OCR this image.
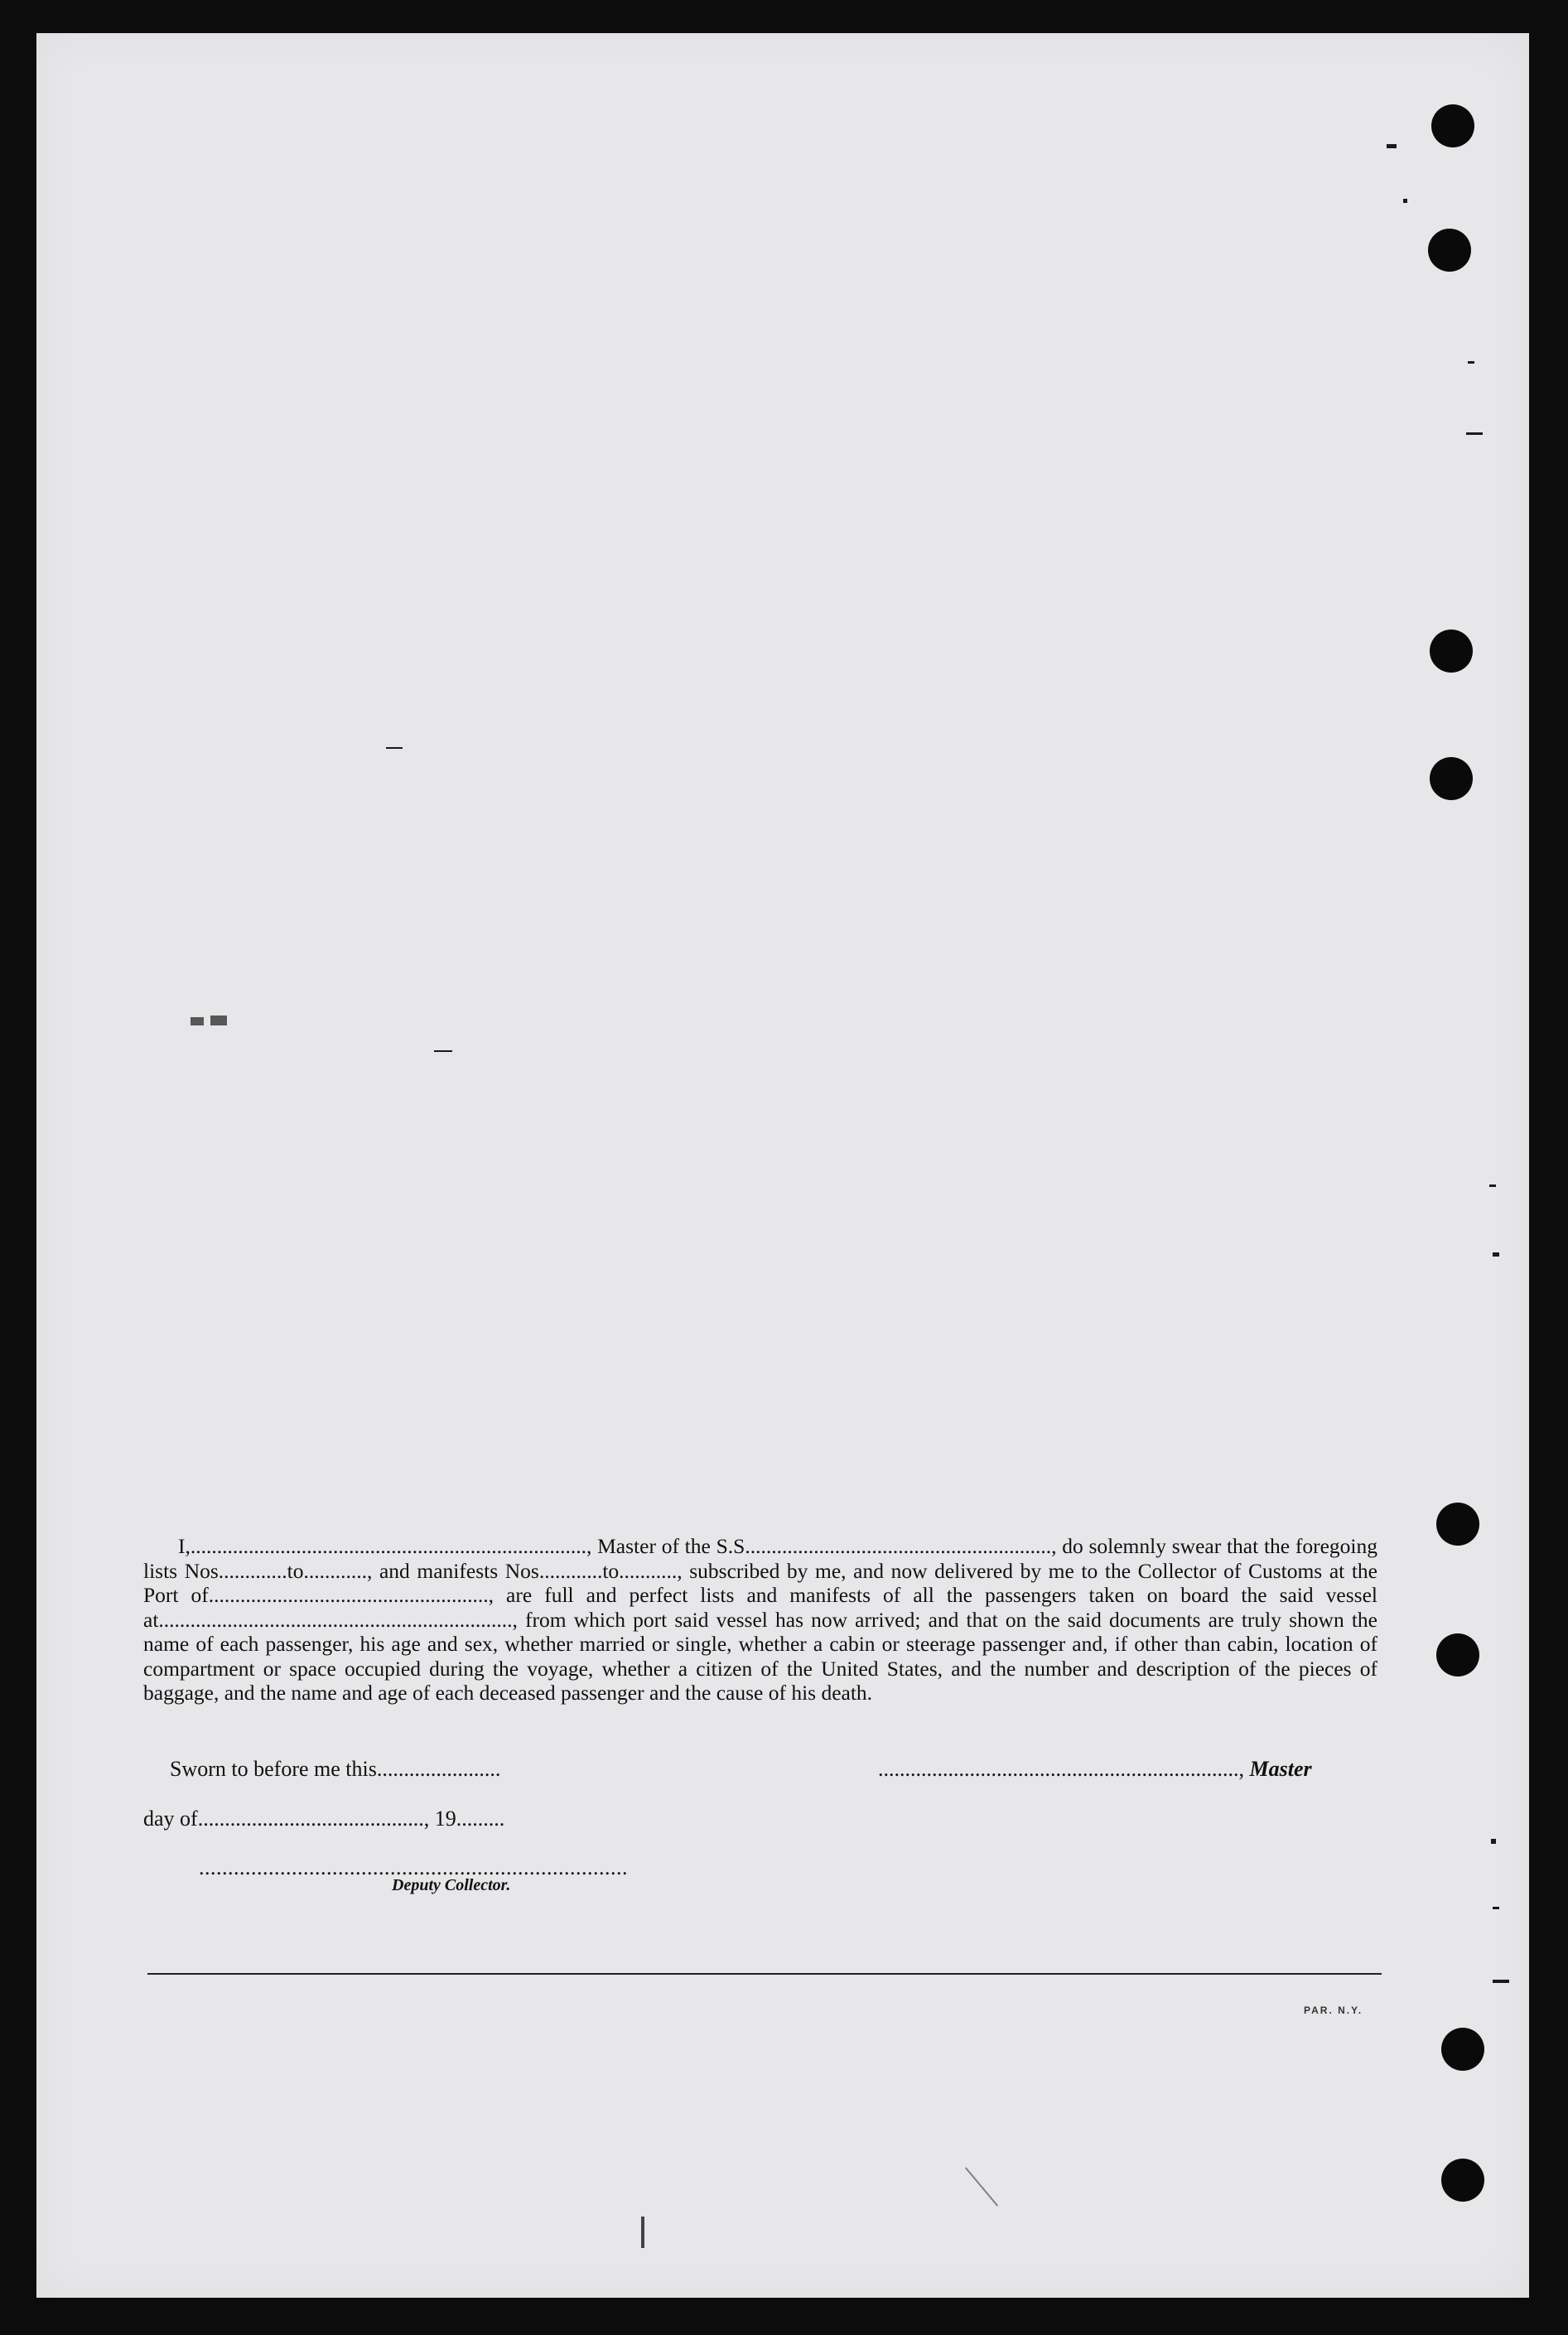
I,..........................................................................., Master of the S.S.........................................................., do solemnly swear that the foregoing lists Nos.............to............, and manifests Nos............to..........., subscribed by me, and now delivered by me to the Collector of Customs at the Port of....................................................., are full and perfect lists and manifests of all the passengers taken on board the said vessel at..................................................................., from which port said vessel has now arrived; and that on the said documents are truly shown the name of each passenger, his age and sex, whether married or single, whether a cabin or steerage passenger and, if other than cabin, location of compartment or space occupied during the voyage, whether a citizen of the United States, and the number and description of the pieces of baggage, and the name and age of each deceased passenger and the cause of his death.

Sworn to before me this.......................	..................................................................., Master
day of.........................................., 19.........
..........................................................................
Deputy Collector.
PAR. N.Y.
